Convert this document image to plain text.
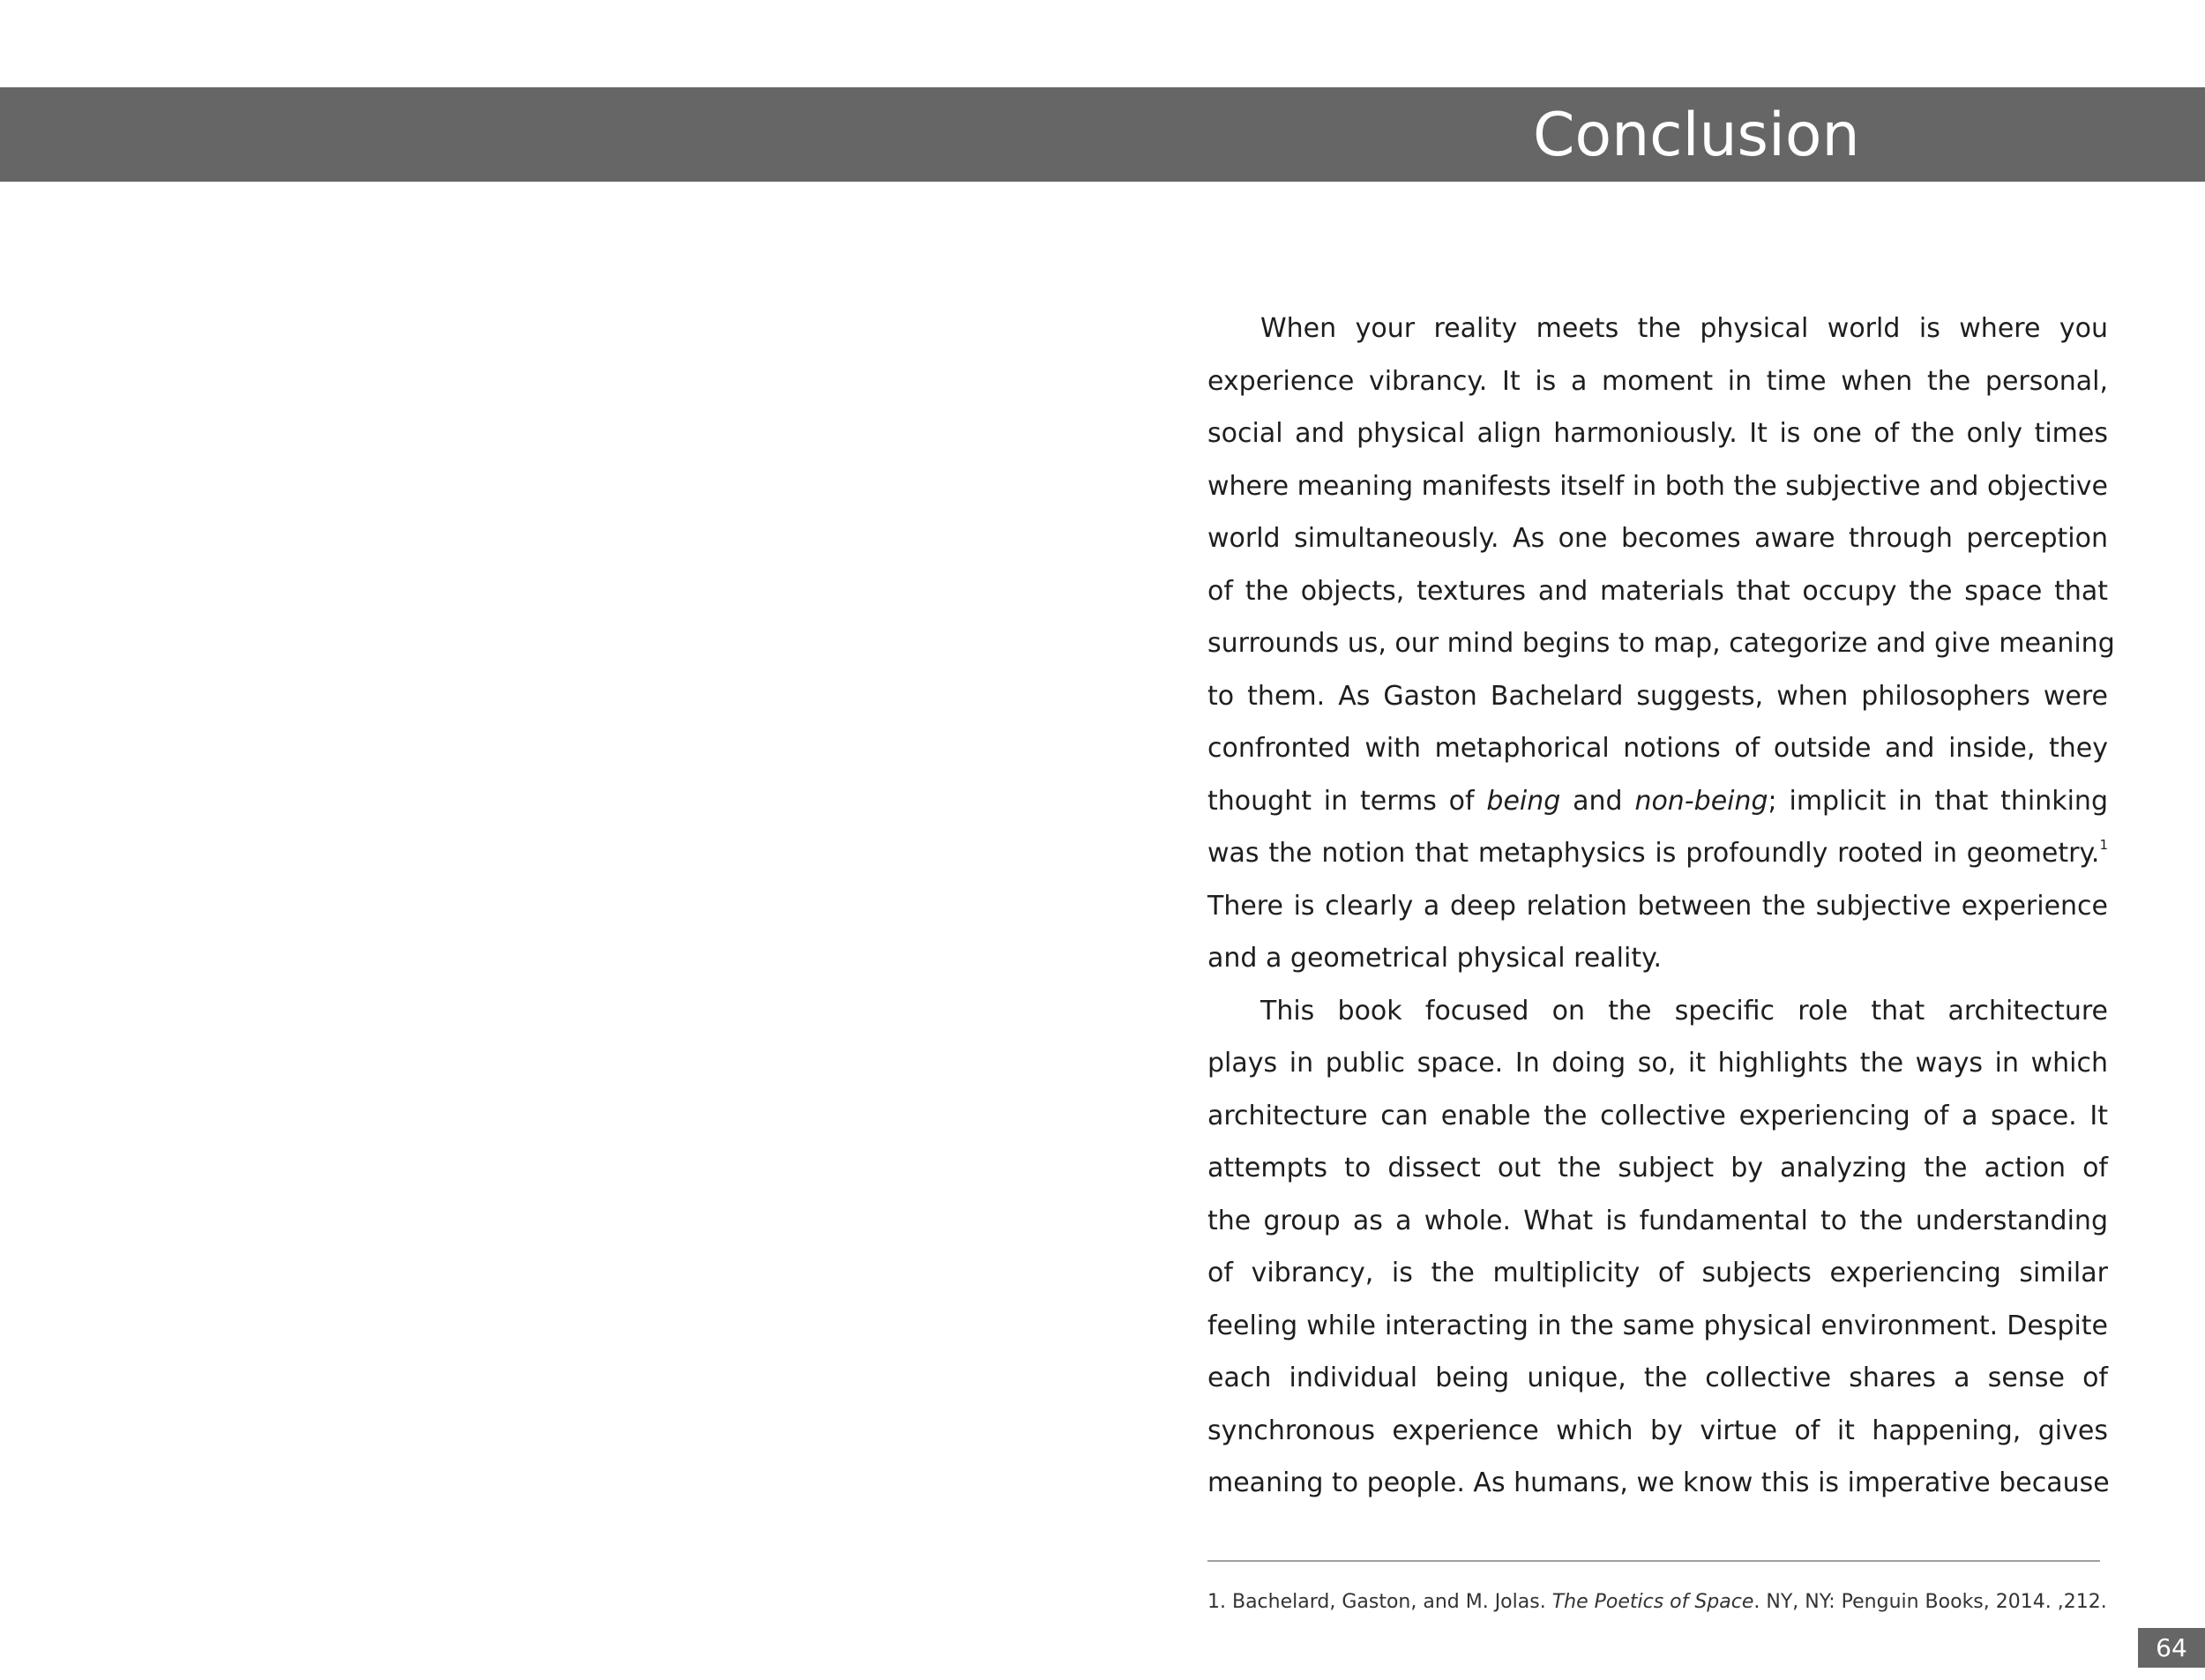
Conclusion
When your reality meets the physical world is where you
experience vibrancy. It is a moment in time when the personal,
social and physical align harmoniously. It is one of the only times
where meaning manifests itself in both the subjective and objective
world simultaneously. As one becomes aware through perception
of the objects, textures and materials that occupy the space that
surrounds us, our mind begins to map, categorize and give meaning
to them. As Gaston Bachelard suggests, when philosophers were
confronted with metaphorical notions of outside and inside, they
thought in terms of being and non-being; implicit in that thinking
was the notion that metaphysics is profoundly rooted in geometry.$^1$
There is clearly a deep relation between the subjective experience
and a geometrical physical reality.
This book focused on the specific role that architecture
plays in public space. In doing so, it highlights the ways in which
architecture can enable the collective experiencing of a space. It
attempts to dissect out the subject by analyzing the action of
the group as a whole. What is fundamental to the understanding
of vibrancy, is the multiplicity of subjects experiencing similar
feeling while interacting in the same physical environment. Despite
each individual being unique, the collective shares a sense of
synchronous experience which by virtue of it happening, gives
meaning to people. As humans, we know this is imperative because
1. Bachelard, Gaston, and M. Jolas. The Poetics of Space. NY, NY: Penguin Books, 2014. ,212.
64
